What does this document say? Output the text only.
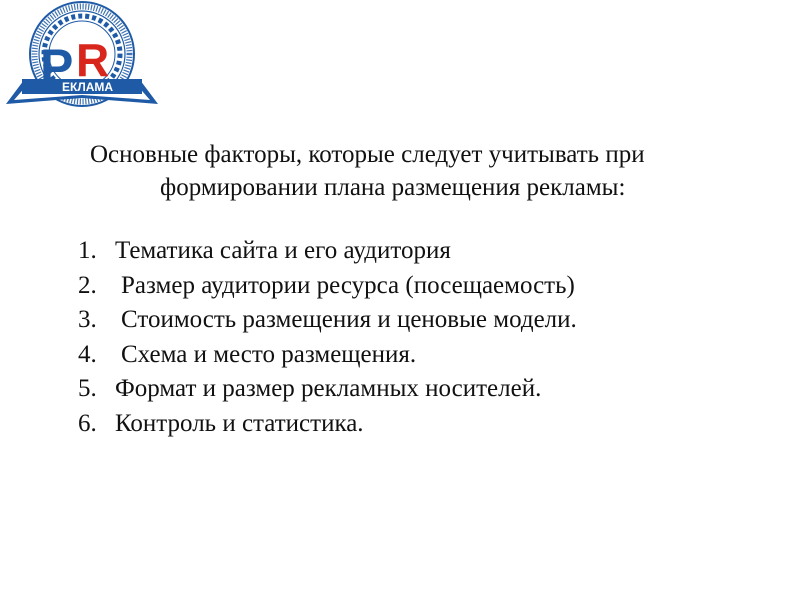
P R
ЕКЛАМА
Основные факторы, которые следует учитывать при
формировании плана размещения рекламы:
1. Тематика сайта и его аудитория
2. Размер аудитории ресурса (посещаемость)
3. Стоимость размещения и ценовые модели.
4. Схема и место размещения.
5. Формат и размер рекламных носителей.
6. Контроль и статистика.
